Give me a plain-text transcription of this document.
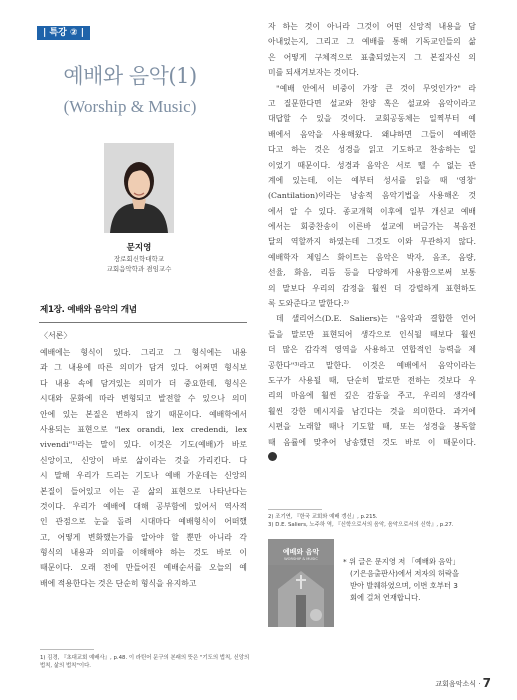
| 특강 ② |
예배와 음악(1)
(Worship & Music)
문지영
장로회신학대학교
교회음악학과 겸임교수
제1장. 예배와 음악의 개념
〈서론〉
예배에는 형식이 있다. 그리고 그 형식에는 내용
과 그 내용에 따른 의미가 담겨 있다. 어쩌면 형식보
다 내용 속에 담겨있는 의미가 더 중요한데, 형식은
시대와 문화에 따라 변형되고 발전할 수 있으나 의미
안에 있는 본질은 변하지 않기 때문이다. 예배학에서
사용되는 표현으로 "lex orandi, lex credendi, lex
vivendi"¹⁾라는 말이 있다. 이것은 기도(예배)가 바로
신앙이고, 신앙이 바로 삶이라는 것을 가리킨다. 다
시 말해 우리가 드리는 기도나 예배 가운데는 신앙의
본질이 들어있고 이는 곧 삶의 표현으로 나타난다는
것이다. 우리가 예배에 대해 공부함에 있어서 역사적
인 관점으로 눈을 돌려 시대마다 예배형식이 어떠했
고, 어떻게 변화했는가를 알아야 할 뿐만 아니라 각
형식의 내용과 의미를 이해해야 하는 것도 바로 이
때문이다. 오래 전에 만들어진 예배순서를 오늘의 예
배에 적용한다는 것은 단순히 형식을 유지하고
1) 김경, 『초대교회 예배사』, p.48. 이 라틴어 문구의 본래의 뜻은 "기도의 법칙, 신앙의
법칙, 삶의 법칙"이다.
자 하는 것이 아니라 그것이 어떤 신앙적 내용을 담
아내었는지, 그리고 그 예배를 통해 기독교인들의 삶
은 어떻게 구체적으로 표출되었는지 그 본질자신 의
미를 되새겨보자는 것이다.
"예배 안에서 비중이 가장 큰 것이 무엇인가?" 라
고 질문한다면 설교와 찬양 혹은 설교와 음악이라고
대답할 수 있을 것이다. 교회공동체는 일찍부터 예
배에서 음악을 사용해왔다. 왜냐하면 그들이 예배한
다고 하는 것은 성경을 읽고 기도하고 찬송하는 일
이었기 때문이다. 성경과 음악은 서로 뗄 수 없는 관
계에 있는데, 이는 예부터 성서를 읽을 때 '영창'
(Cantilation)이라는 낭송적 음악기법을 사용해온 것
에서 알 수 있다. 종교개혁 이후에 일부 개신교 예배
에서는 회중찬송이 이른바 설교에 버금가는 복음전
달의 역할까지 하였는데 그것도 이와 무관하지 않다.
예배학자 제임스 화이트는 음악은 박자, 음조, 음량,
선율, 화음, 리듬 등을 다양하게 사용함으로써 보통
의 말보다 우리의 감정을 훨씬 더 강렬하게 표현하도
록 도와준다고 말한다.²⁾
데 샐리어스(D.E. Saliers)는 "음악과 결합한 언어
들을 말로만 표현되어 생각으로 인식될 때보다 훨씬
더 많은 감각적 영역을 사용하고 연합적인 능력을 제
공한다"³⁾라고 말한다. 이것은 예배에서 음악이라는
도구가 사용될 때, 단순히 말로만 전하는 것보다 우
리의 마음에 훨씬 깊은 감동을 주고, 우리의 생각에
훨씬 강한 메시지를 남긴다는 것을 의미한다. 과거에
시편을 노래할 때나 기도할 때, 또는 성경을 봉독할
때 음률에 맞추어 낭송했던 것도 바로 이 때문이다.
2) 조기연, 『한국 교회와 예배 갱신』, p.215.
3) D.E. Saliers, 노주하 역, 『신학으로서의 음악, 음악으로서의 신학』, p.27.
예배와 음악
WORSHIP & MUSIC	* 위 글은 문지영 저 「예배와 음악」
(기은음출판사)에서 저자의 허락을
받아 발췌하였으며, 이번 호부터 3
회에 걸쳐 연재합니다.
교회음악소식 · 7
